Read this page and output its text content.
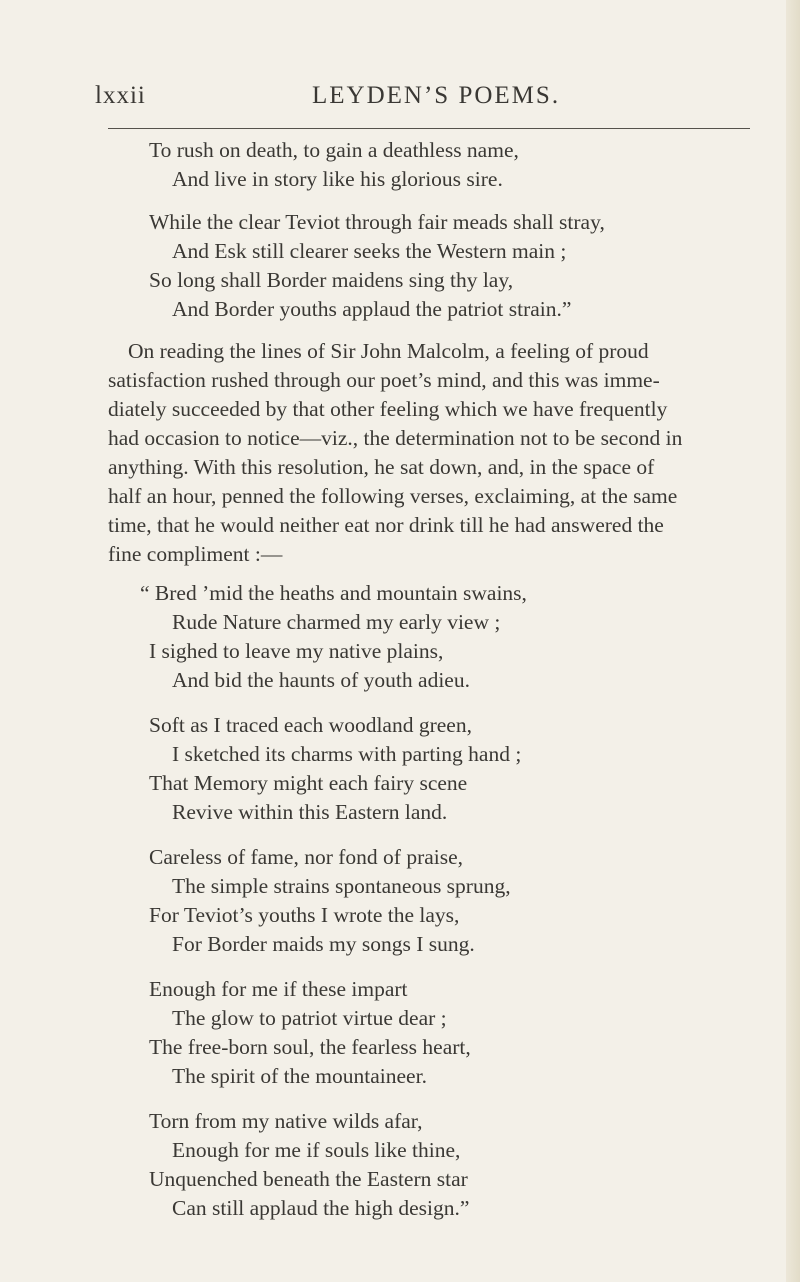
lxxii	LEYDEN’S POEMS.
To rush on death, to gain a deathless name,
And live in story like his glorious sire.
While the clear Teviot through fair meads shall stray,
And Esk still clearer seeks the Western main ;
So long shall Border maidens sing thy lay,
And Border youths applaud the patriot strain.”
On reading the lines of Sir John Malcolm, a feeling of proud
satisfaction rushed through our poet’s mind, and this was imme-
diately succeeded by that other feeling which we have frequently
had occasion to notice—viz., the determination not to be second in
anything. With this resolution, he sat down, and, in the space of
half an hour, penned the following verses, exclaiming, at the same
time, that he would neither eat nor drink till he had answered the
fine compliment :—
“ Bred ’mid the heaths and mountain swains,
Rude Nature charmed my early view ;
I sighed to leave my native plains,
And bid the haunts of youth adieu.
Soft as I traced each woodland green,
I sketched its charms with parting hand ;
That Memory might each fairy scene
Revive within this Eastern land.
Careless of fame, nor fond of praise,
The simple strains spontaneous sprung,
For Teviot’s youths I wrote the lays,
For Border maids my songs I sung.
Enough for me if these impart
The glow to patriot virtue dear ;
The free-born soul, the fearless heart,
The spirit of the mountaineer.
Torn from my native wilds afar,
Enough for me if souls like thine,
Unquenched beneath the Eastern star
Can still applaud the high design.”
